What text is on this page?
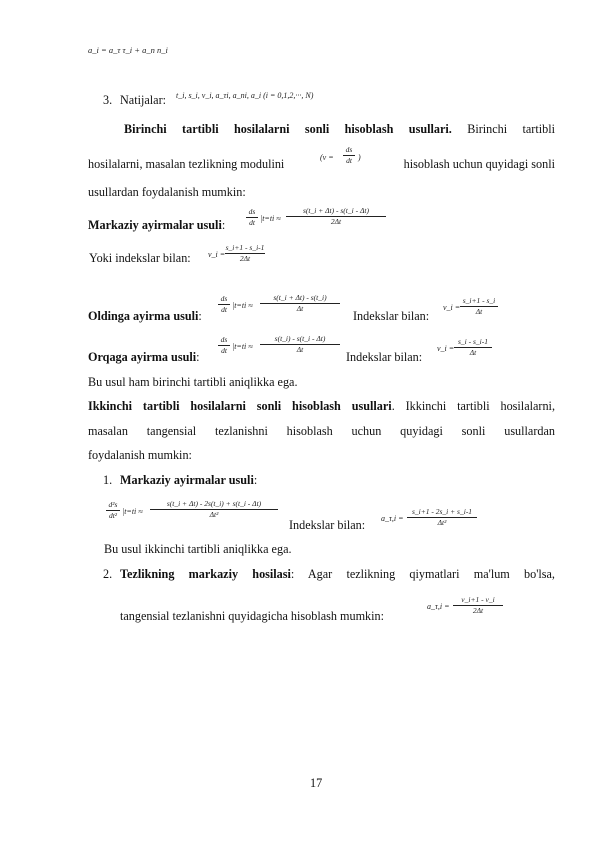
a_i = a_τ τ_i + a_n n_i
3. Natijalar: t_i, s_i, v_i, a_τi, a_ni, a_i (i = 0,1,2,···, N)
Birinchi tartibli hosilalarni sonli hisoblash usullari. Birinchi tartibli
hosilalarni, masalan tezlikning modulini	(v =
ds
dt )	hisoblash uchun quyidagi sonli
usullardan foydalanish mumkin:
Markaziy ayirmalar usuli:
ds
dt |t=ti ≈
s(t_i + Δt) - s(t_i - Δt)
2Δt
Yoki indekslar bilan: v_i =
s_i+1 - s_i-1
2Δt
Oldinga ayirma usuli:
ds
dt |t=ti ≈
s(t_i + Δt) - s(t_i)
Δt
Indekslar bilan:
v_i =
s_i+1 - s_i
Δt
Orqaga ayirma usuli:
ds
dt |t=ti ≈
s(t_i) - s(t_i - Δt)
Δt
Indekslar bilan:
v_i =
s_i - s_i-1
Δt
Bu usul ham birinchi tartibli aniqlikka ega.
Ikkinchi tartibli hosilalarni sonli hisoblash usullari. Ikkinchi tartibli hosilalarni,
masalan tangensial tezlanishni hisoblash uchun quyidagi sonli usullardan
foydalanish mumkin:
1. Markaziy ayirmalar usuli:
d²s
dt² |t=ti ≈
s(t_i + Δt) - 2s(t_i) + s(t_i - Δt)
Δt²
Indekslar bilan: a_τ,i =
s_i+1 - 2s_i + s_i-1
Δt²
Bu usul ikkinchi tartibli aniqlikka ega.
2. Tezlikning markaziy hosilasi: Agar tezlikning qiymatlari ma'lum bo'lsa,
tangensial tezlanishni quyidagicha hisoblash mumkin:
a_τ,i =
v_i+1 - v_i
2Δt
17
